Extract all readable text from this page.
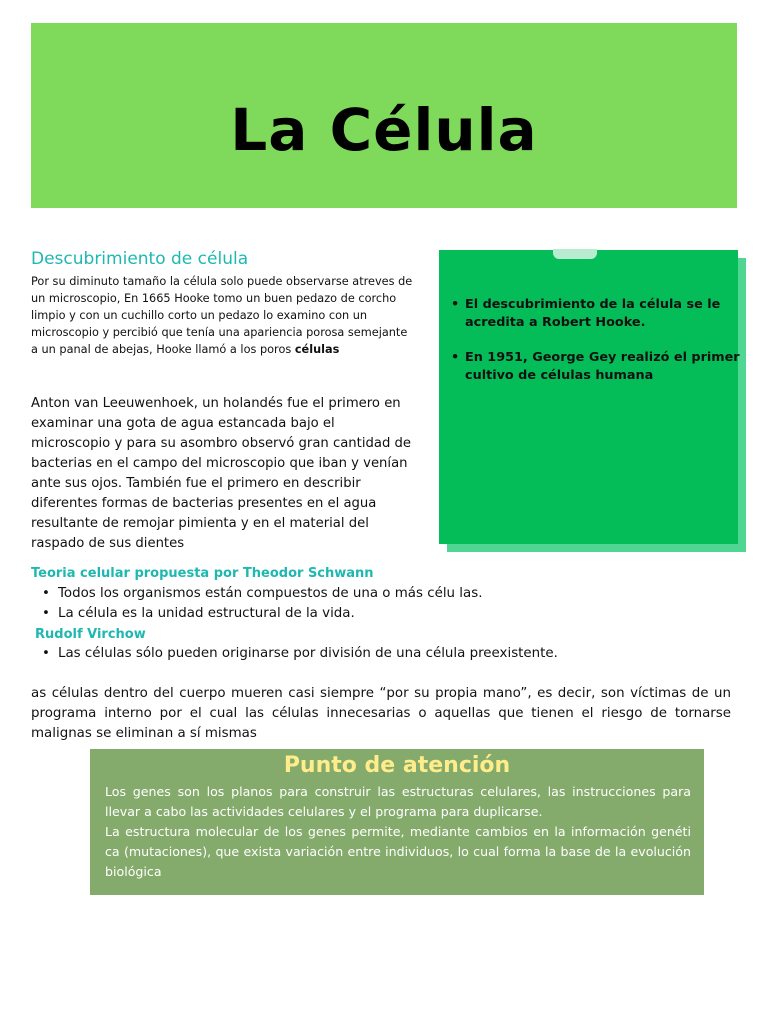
La Célula
Descubrimiento de célula

Por su diminuto tamaño la célula solo puede observarse atreves de un microscopio, En 1665 Hooke tomo un buen pedazo de corcho limpio y con un cuchillo corto un pedazo lo examino con un microscopio y percibió que tenía una apariencia porosa semejante a un panal de abejas, Hooke llamó a los poros células

Anton van Leeuwenhoek, un holandés fue el primero en examinar una gota de agua estancada bajo el microscopio y para su asombro observó gran cantidad de bacterias en el campo del microscopio que iban y venían ante sus ojos. También fue el primero en describir diferentes formas de bacterias presentes en el agua resultante de remojar pimienta y en el material del raspado de sus dientes

• El descubrimiento de la célula se le acredita a Robert Hooke.
• En 1951, George Gey realizó el primer cultivo de células humana
Teoria celular propuesta por Theodor Schwann
• Todos los organismos están compuestos de una o más célu las.
• La célula es la unidad estructural de la vida.
Rudolf Virchow
• Las células sólo pueden originarse por división de una célula preexistente.

as células dentro del cuerpo mueren casi siempre “por su propia mano”, es decir, son víctimas de un programa interno por el cual las células innecesarias o aquellas que tienen el riesgo de tornarse malignas se eliminan a sí mismas

Punto de atención

Los genes son los planos para construir las estructuras celulares, las instrucciones para llevar a cabo las actividades celulares y el programa para duplicarse.
La estructura molecular de los genes permite, mediante cambios en la información genéti ca (mutaciones), que exista variación entre individuos, lo cual forma la base de la evolución biológica
